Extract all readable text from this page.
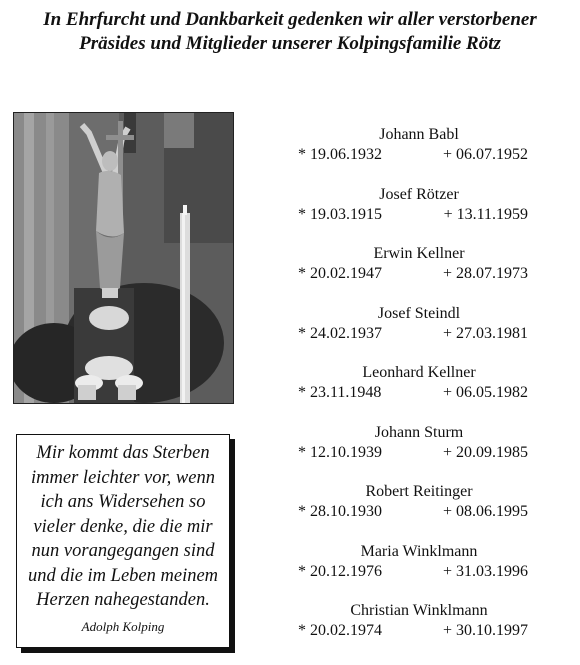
In Ehrfurcht und Dankbarkeit gedenken wir aller verstorbener
Präsides und Mitglieder unserer Kolpingsfamilie Rötz
Mir kommt das Sterben
immer leichter vor, wenn
ich ans Widersehen so
vieler denke, die die mir
nun vorangegangen sind
und die im Leben meinem
Herzen nahegestanden.
Adolph Kolping
Johann Babl
* 19.06.1932	+ 06.07.1952
Josef Rötzer
* 19.03.1915	+ 13.11.1959
Erwin Kellner
* 20.02.1947	+ 28.07.1973
Josef Steindl
* 24.02.1937	+ 27.03.1981
Leonhard Kellner
* 23.11.1948	+ 06.05.1982
Johann Sturm
* 12.10.1939	+ 20.09.1985
Robert Reitinger
* 28.10.1930	+ 08.06.1995
Maria Winklmann
* 20.12.1976	+ 31.03.1996
Christian Winklmann
* 20.02.1974	+ 30.10.1997
